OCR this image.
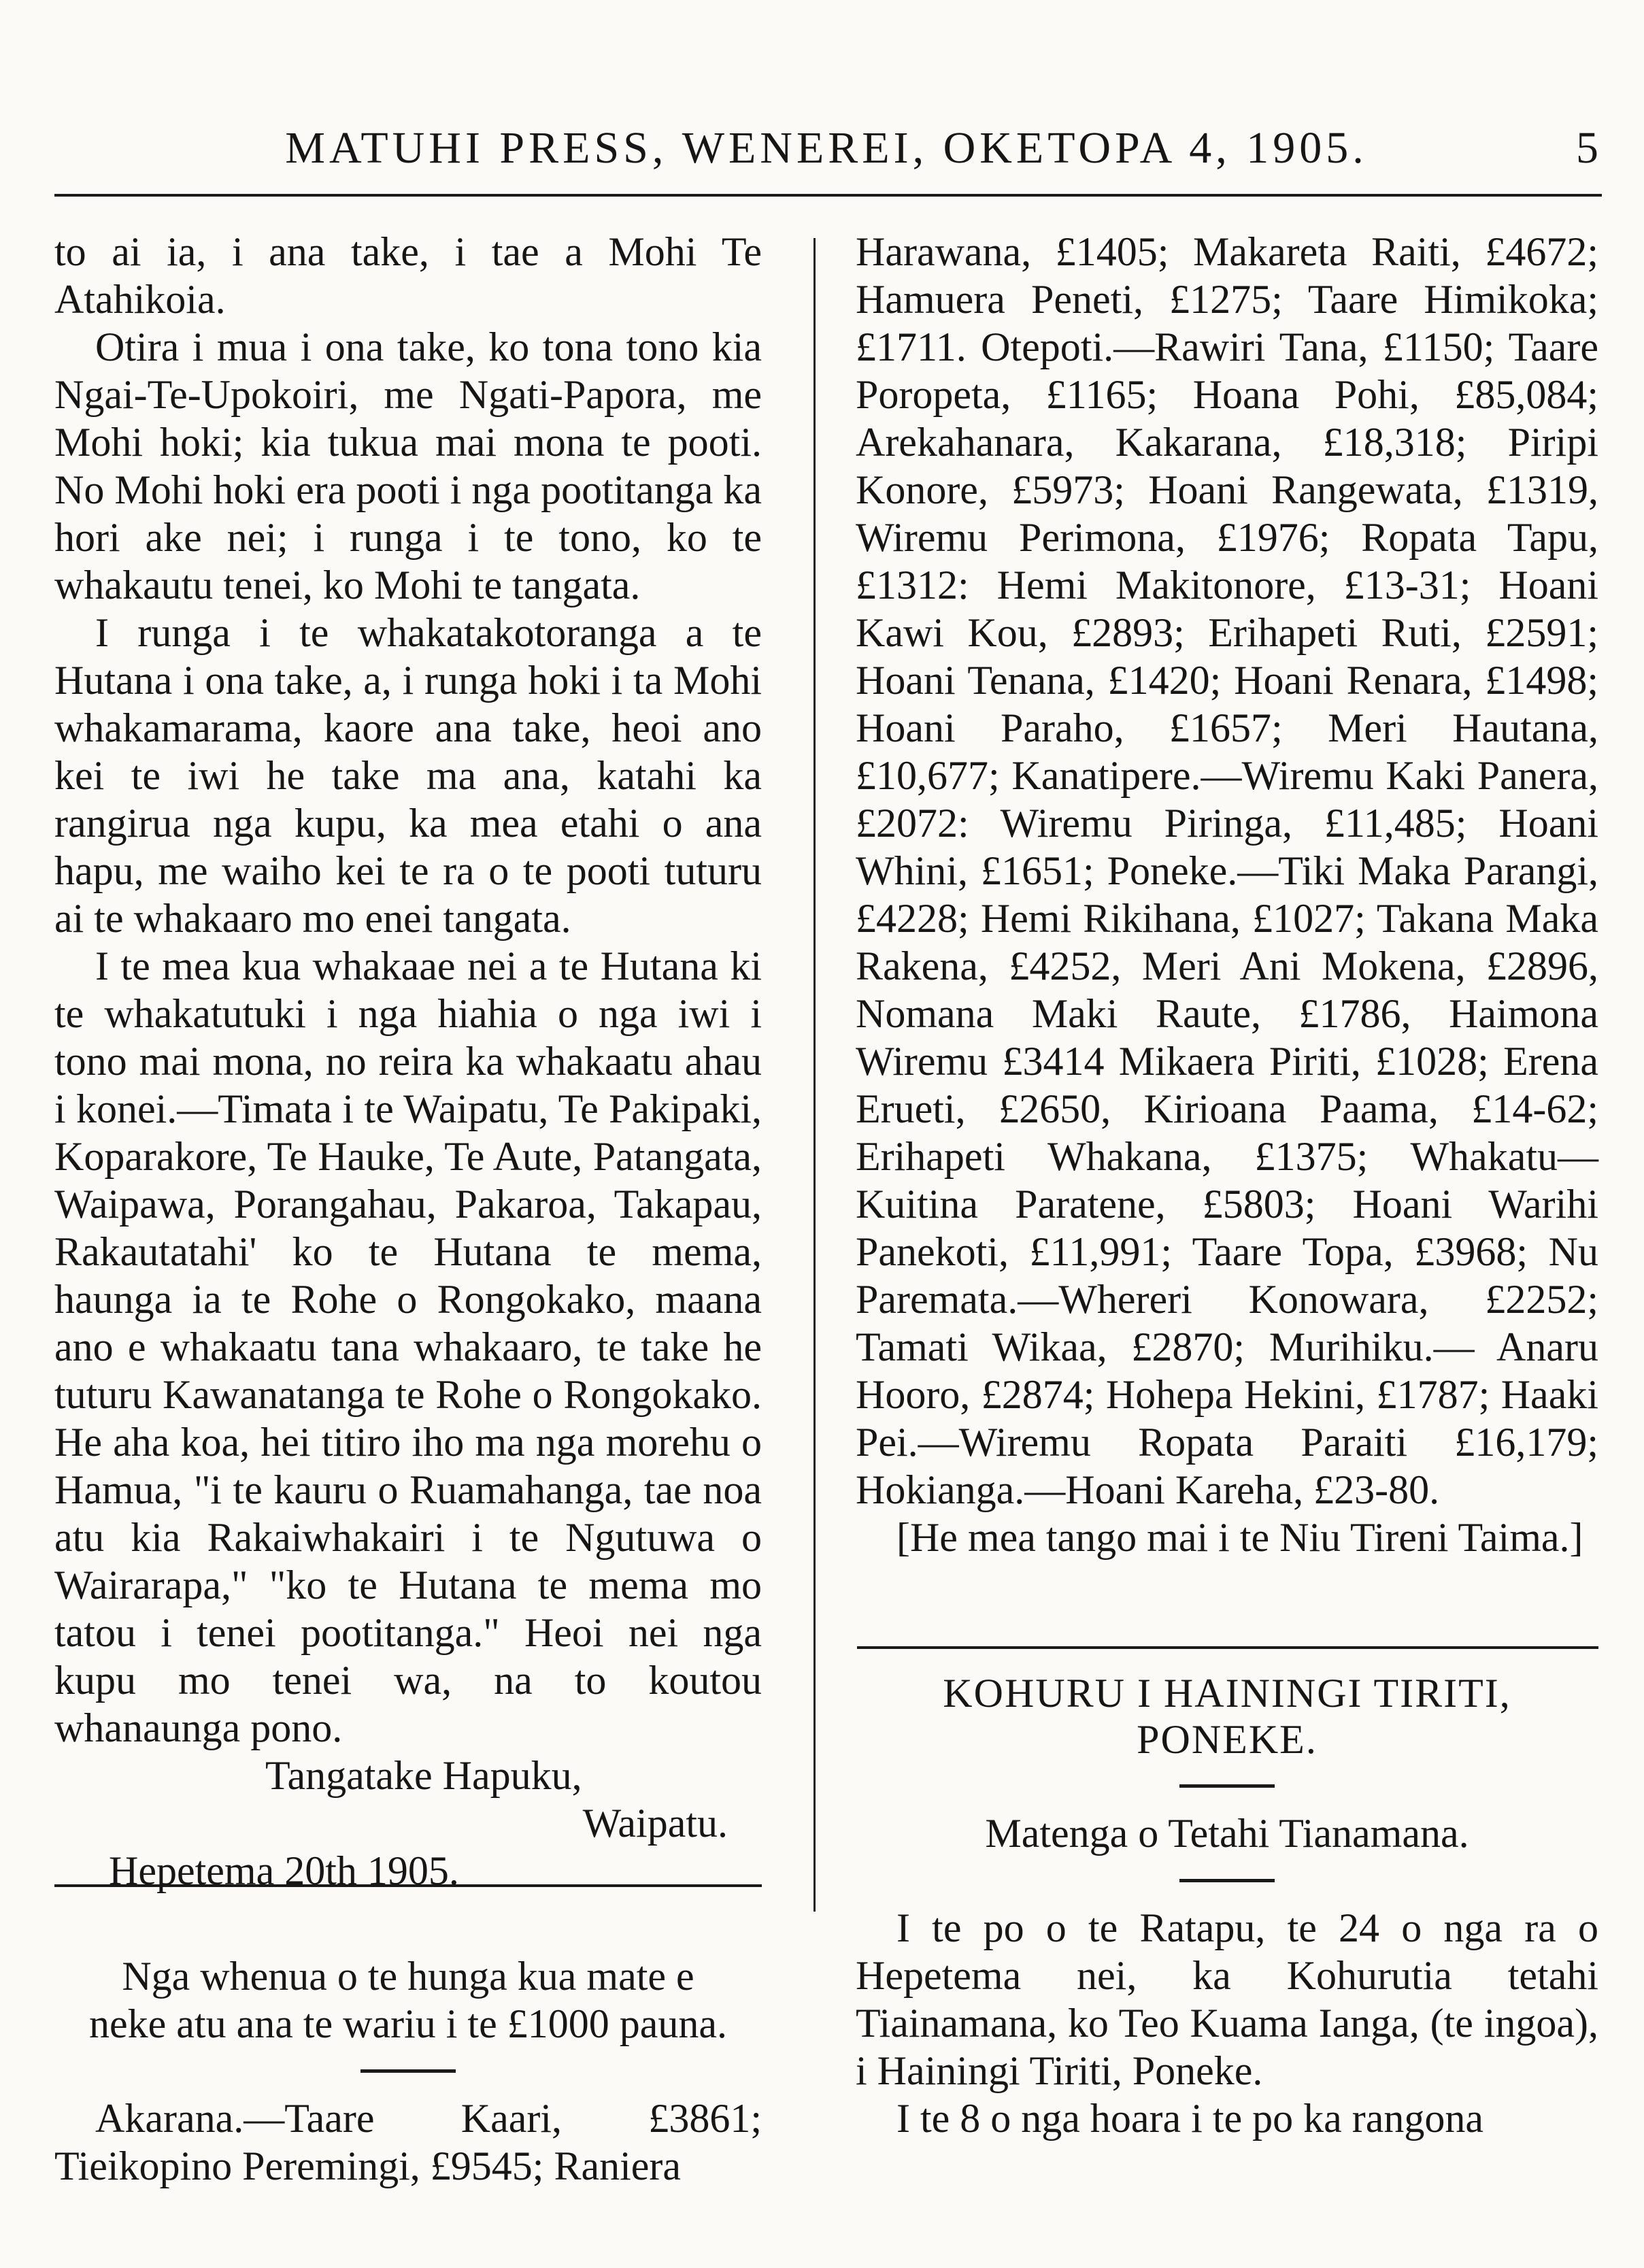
MATUHI PRESS, WENEREI, OKETOPA 4, 1905.	5

to ai ia, i ana take, i tae a Mohi Te Atahikoia.

Otira i mua i ona take, ko tona tono kia Ngai-Te-Upokoiri, me Ngati-Papora, me Mohi hoki; kia tukua mai mona te pooti. No Mohi hoki era pooti i nga pootitanga ka hori ake nei; i runga i te tono, ko te whakautu tenei, ko Mohi te tangata.

I runga i te whakatakotoranga a te Hutana i ona take, a, i runga hoki i ta Mohi whakamarama, kaore ana take, heoi ano kei te iwi he take ma ana, katahi ka rangirua nga kupu, ka mea etahi o ana hapu, me waiho kei te ra o te pooti tuturu ai te whakaaro mo enei tangata.

I te mea kua whakaae nei a te Hutana ki te whakatutuki i nga hiahia o nga iwi i tono mai mona, no reira ka whakaatu ahau i konei.—Timata i te Waipatu, Te Pakipaki, Koparakore, Te Hauke, Te Aute, Patangata, Waipawa, Porangahau, Pakaroa, Takapau, Rakautatahi' ko te Hutana te mema, haunga ia te Rohe o Rongokako, maana ano e whakaatu tana whakaaro, te take he tuturu Kawanatanga te Rohe o Rongokako. He aha koa, hei titiro iho ma nga morehu o Hamua, "i te kauru o Ruamahanga, tae noa atu kia Rakaiwhakairi i te Ngutuwa o Wairarapa," "ko te Hutana te mema mo tatou i tenei pootitanga." Heoi nei nga kupu mo tenei wa, na to koutou whanaunga pono.

Tangatake Hapuku,

Waipatu.

Hepetema 20th 1905.

Nga whenua o te hunga kua mate e neke atu ana te wariu i te £1000 pauna.

Akarana.—Taare Kaari, £3861; Tieikopino Peremingi, £9545; Raniera

Harawana, £1405; Makareta Raiti, £4672; Hamuera Peneti, £1275; Taare Himikoka; £1711. Otepoti.—Rawiri Tana, £1150; Taare Poropeta, £1165; Hoana Pohi, £85,084; Arekahanara, Kakarana, £18,318; Piripi Konore, £5973; Hoani Rangewata, £1319, Wiremu Perimona, £1976; Ropata Tapu, £1312: Hemi Makitonore, £13-31; Hoani Kawi Kou, £2893; Erihapeti Ruti, £2591; Hoani Tenana, £1420; Hoani Renara, £1498; Hoani Paraho, £1657; Meri Hautana, £10,677; Kanatipere.—Wiremu Kaki Panera, £2072: Wiremu Piringa, £11,485; Hoani Whini, £1651; Poneke.—Tiki Maka Parangi, £4228; Hemi Rikihana, £1027; Takana Maka Rakena, £4252, Meri Ani Mokena, £2896, Nomana Maki Raute, £1786, Haimona Wiremu £3414 Mikaera Piriti, £1028; Erena Erueti, £2650, Kirioana Paama, £14-62; Erihapeti Whakana, £1375; Whakatu—Kuitina Paratene, £5803; Hoani Warihi Panekoti, £11,991; Taare Topa, £3968; Nu Paremata.—Whereri Konowara, £2252; Tamati Wikaa, £2870; Murihiku.— Anaru Hooro, £2874; Hohepa Hekini, £1787; Haaki Pei.—Wiremu Ropata Paraiti £16,179; Hokianga.—Hoani Kareha, £23-80.

[He mea tango mai i te Niu Tireni Taima.]

KOHURU I HAININGI TIRITI,
PONEKE.

Matenga o Tetahi Tianamana.

I te po o te Ratapu, te 24 o nga ra o Hepetema nei, ka Kohurutia tetahi Tiainamana, ko Teo Kuama Ianga, (te ingoa), i Hainingi Tiriti, Poneke.

I te 8 o nga hoara i te po ka rangona
